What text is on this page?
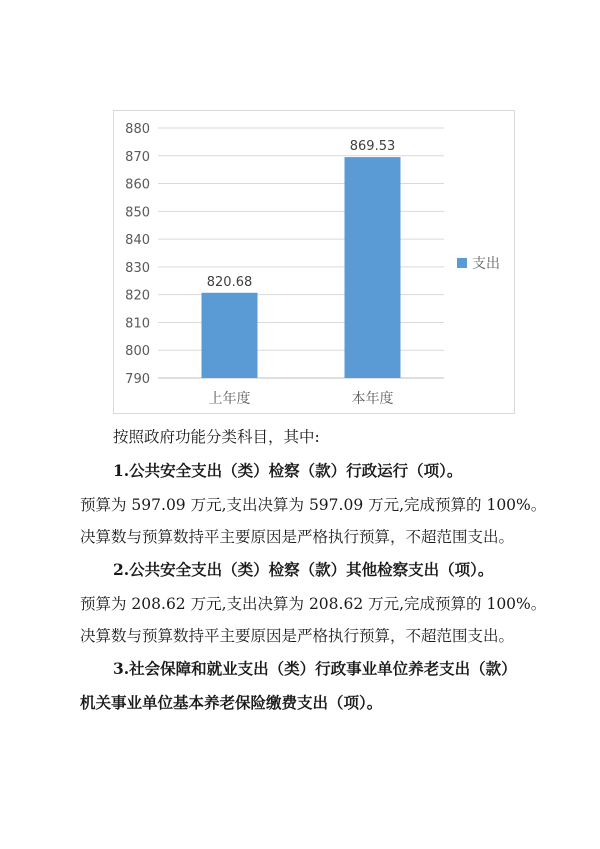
790
800
810
820
830
840
850
860
870
880
820.68
上年度
869.53
本年度
支出
按照政府功能分类科目，其中:
1.公共安全支出（类）检察（款）行政运行（项）。
预算为 597.09 万元,支出决算为 597.09 万元,完成预算的 100%。
决算数与预算数持平主要原因是严格执行预算，不超范围支出。
2.公共安全支出（类）检察（款）其他检察支出（项）。
预算为 208.62 万元,支出决算为 208.62 万元,完成预算的 100%。
决算数与预算数持平主要原因是严格执行预算，不超范围支出。
3.社会保障和就业支出（类）行政事业单位养老支出（款）
机关事业单位基本养老保险缴费支出（项）。
